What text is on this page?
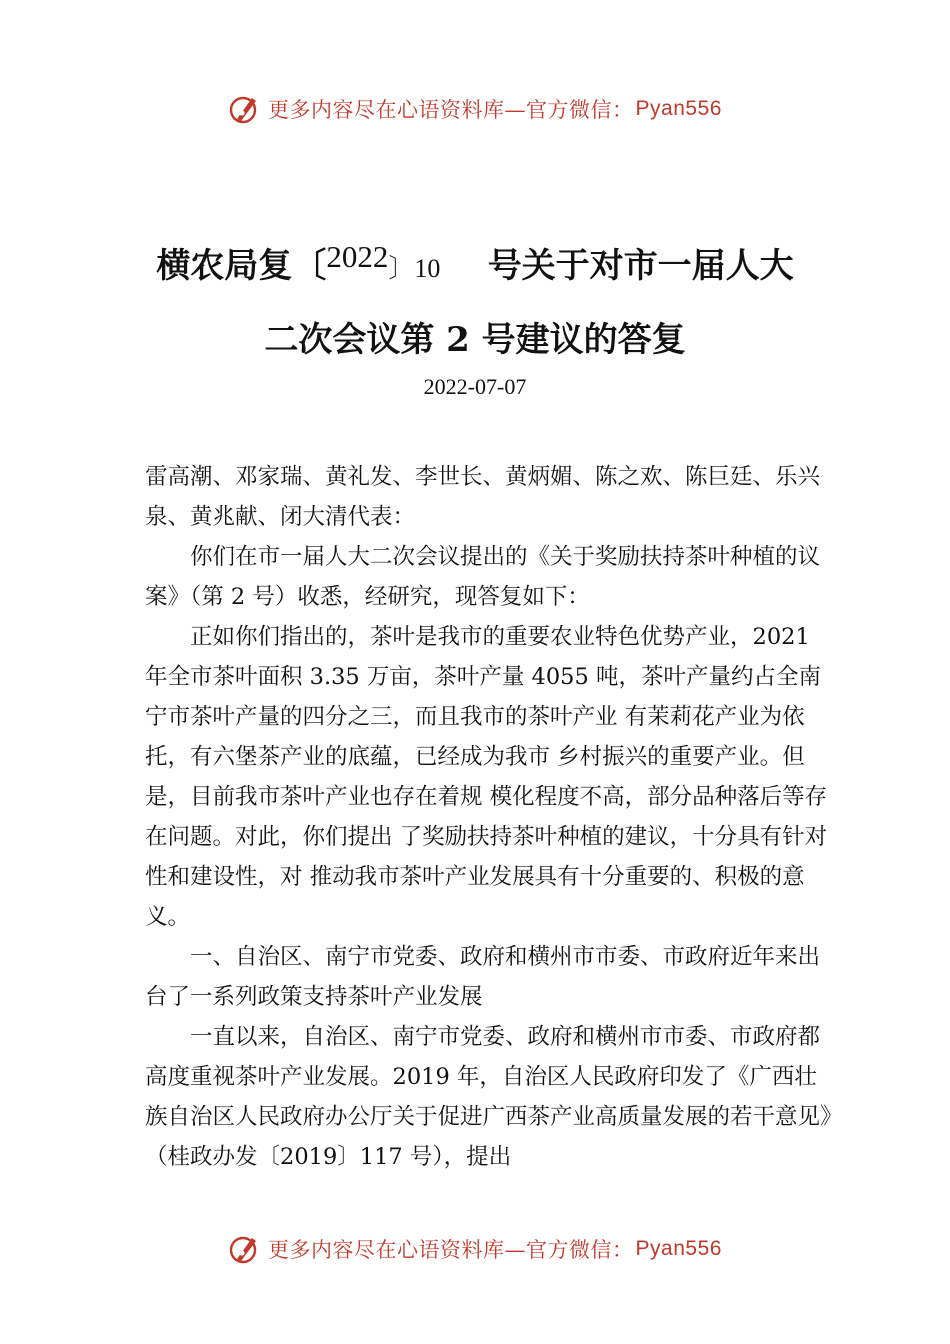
更多内容尽在心语资料库—官方微信： Pyan556
横农局复〔2022〕10 号关于对市一届人大
二次会议第 2 号建议的答复
2022-07-07

雷高潮、邓家瑞、黄礼发、李世长、黄炳媚、陈之欢、陈巨廷、乐兴泉、黄兆献、闭大清代表：

你们在市一届人大二次会议提出的《关于奖励扶持茶叶种植的议案》（第 2 号）收悉，经研究，现答复如下：

正如你们指出的，茶叶是我市的重要农业特色优势产业，2021 年全市茶叶面积 3.35 万亩，茶叶产量 4055 吨，茶叶产量约占全南宁市茶叶产量的四分之三，而且我市的茶叶产业 有茉莉花产业为依托，有六堡茶产业的底蕴，已经成为我市 乡村振兴的重要产业。但是，目前我市茶叶产业也存在着规 模化程度不高，部分品种落后等存在问题。对此，你们提出 了奖励扶持茶叶种植的建议，十分具有针对性和建设性，对 推动我市茶叶产业发展具有十分重要的、积极的意义。

一、自治区、南宁市党委、政府和横州市市委、市政府近年来出台了一系列政策支持茶叶产业发展

一直以来，自治区、南宁市党委、政府和横州市市委、市政府都高度重视茶叶产业发展。2019 年，自治区人民政府印发了《广西壮族自治区人民政府办公厅关于促进广西茶产业高质量发展的若干意见》（桂政办发〔2019〕117 号），提出

更多内容尽在心语资料库—官方微信： Pyan556
